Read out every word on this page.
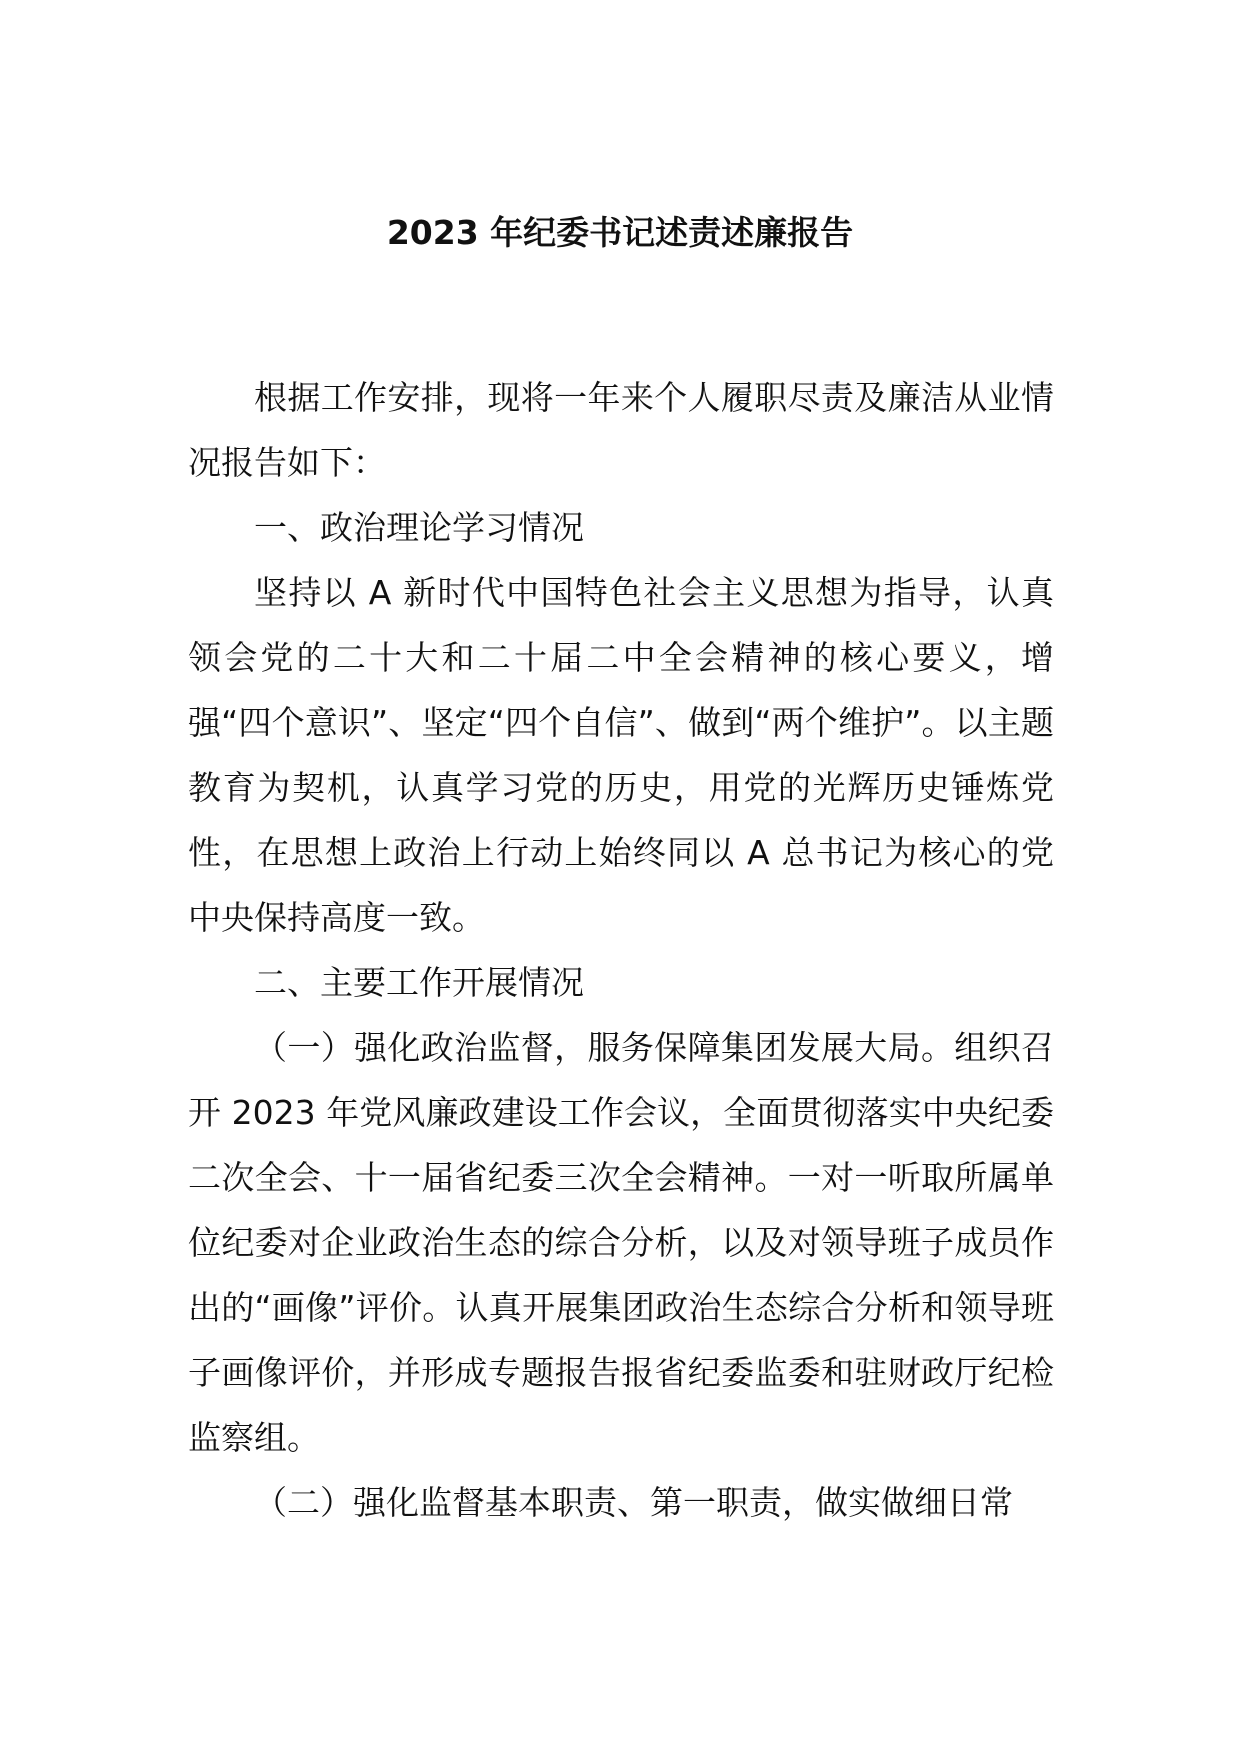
2023 年纪委书记述责述廉报告

根据工作安排，现将一年来个人履职尽责及廉洁从业情况报告如下：

一、政治理论学习情况

坚持以 A 新时代中国特色社会主义思想为指导，认真领会党的二十大和二十届二中全会精神的核心要义，增强“四个意识”、坚定“四个自信”、做到“两个维护”。以主题教育为契机，认真学习党的历史，用党的光辉历史锤炼党性，在思想上政治上行动上始终同以 A 总书记为核心的党中央保持高度一致。

二、主要工作开展情况

（一）强化政治监督，服务保障集团发展大局。组织召开 2023 年党风廉政建设工作会议，全面贯彻落实中央纪委二次全会、十一届省纪委三次全会精神。一对一听取所属单位纪委对企业政治生态的综合分析，以及对领导班子成员作出的“画像”评价。认真开展集团政治生态综合分析和领导班子画像评价，并形成专题报告报省纪委监委和驻财政厅纪检监察组。

（二）强化监督基本职责、第一职责，做实做细日常
